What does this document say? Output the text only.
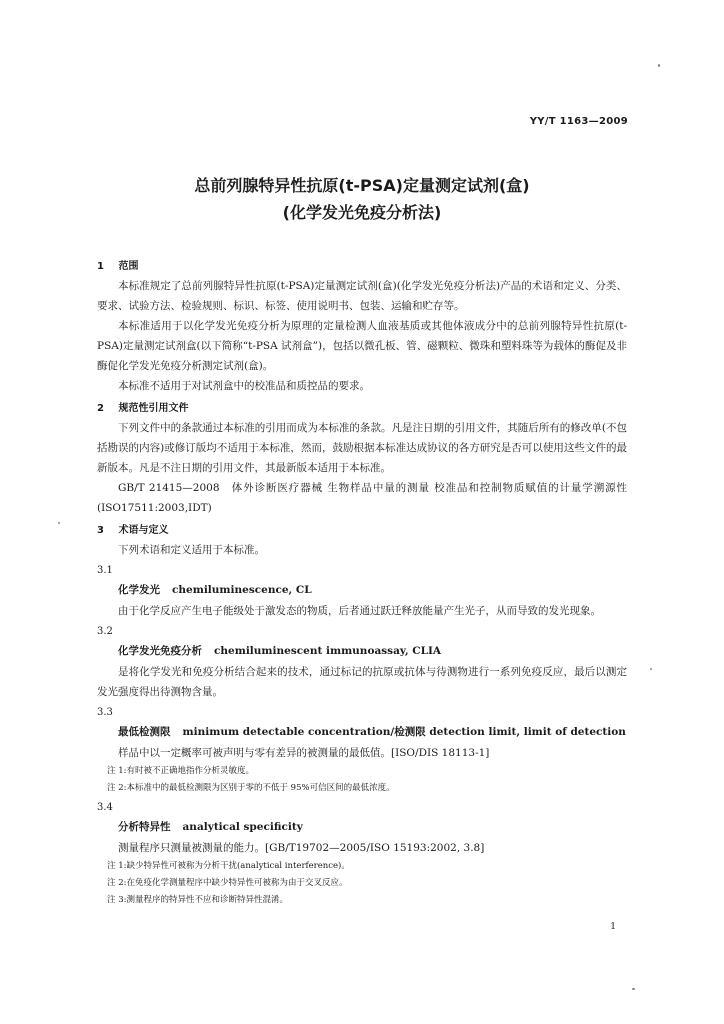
YY/T 1163—2009
总前列腺特异性抗原(t-PSA)定量测定试剂(盒)
(化学发光免疫分析法)
1 范围

本标准规定了总前列腺特异性抗原(t-PSA)定量测定试剂(盒)(化学发光免疫分析法)产品的术语和定义、分类、要求、试验方法、检验规则、标识、标签、使用说明书、包装、运输和贮存等。

本标准适用于以化学发光免疫分析为原理的定量检测人血液基质或其他体液成分中的总前列腺特异性抗原(t-PSA)定量测定试剂盒(以下简称“t-PSA 试剂盒”)，包括以微孔板、管、磁颗粒、微珠和塑料珠等为载体的酶促及非酶促化学发光免疫分析测定试剂(盒)。

本标准不适用于对试剂盒中的校准品和质控品的要求。

2 规范性引用文件

下列文件中的条款通过本标准的引用而成为本标准的条款。凡是注日期的引用文件，其随后所有的修改单(不包括勘误的内容)或修订版均不适用于本标准，然而，鼓励根据本标准达成协议的各方研究是否可以使用这些文件的最新版本。凡是不注日期的引用文件，其最新版本适用于本标准。

GB/T 21415—2008　体外诊断医疗器械 生物样品中量的测量 校准品和控制物质赋值的计量学溯源性(ISO17511:2003,IDT)

3 术语与定义

下列术语和定义适用于本标准。

3.1
化学发光 chemiluminescence, CL

由于化学反应产生电子能级处于激发态的物质，后者通过跃迁释放能量产生光子，从而导致的发光现象。

3.2
化学发光免疫分析 chemiluminescent immunoassay, CLIA

是将化学发光和免疫分析结合起来的技术，通过标记的抗原或抗体与待测物进行一系列免疫反应，最后以测定发光强度得出待测物含量。

3.3
最低检测限 minimum detectable concentration/检测限 detection limit, limit of detection

样品中以一定概率可被声明与零有差异的被测量的最低值。[ISO/DIS 18113-1]

注 1:有时被不正确地指作分析灵敏度。
注 2:本标准中的最低检测限为区别于零的不低于 95%可信区间的最低浓度。
3.4
分析特异性 analytical specificity

测量程序只测量被测量的能力。[GB/T19702—2005/ISO 15193:2002, 3.8]

注 1:缺少特异性可被称为分析干扰(analytical interference)。
注 2:在免疫化学测量程序中缺少特异性可被称为由于交叉反应。
注 3:测量程序的特异性不应和诊断特异性混淆。
1
